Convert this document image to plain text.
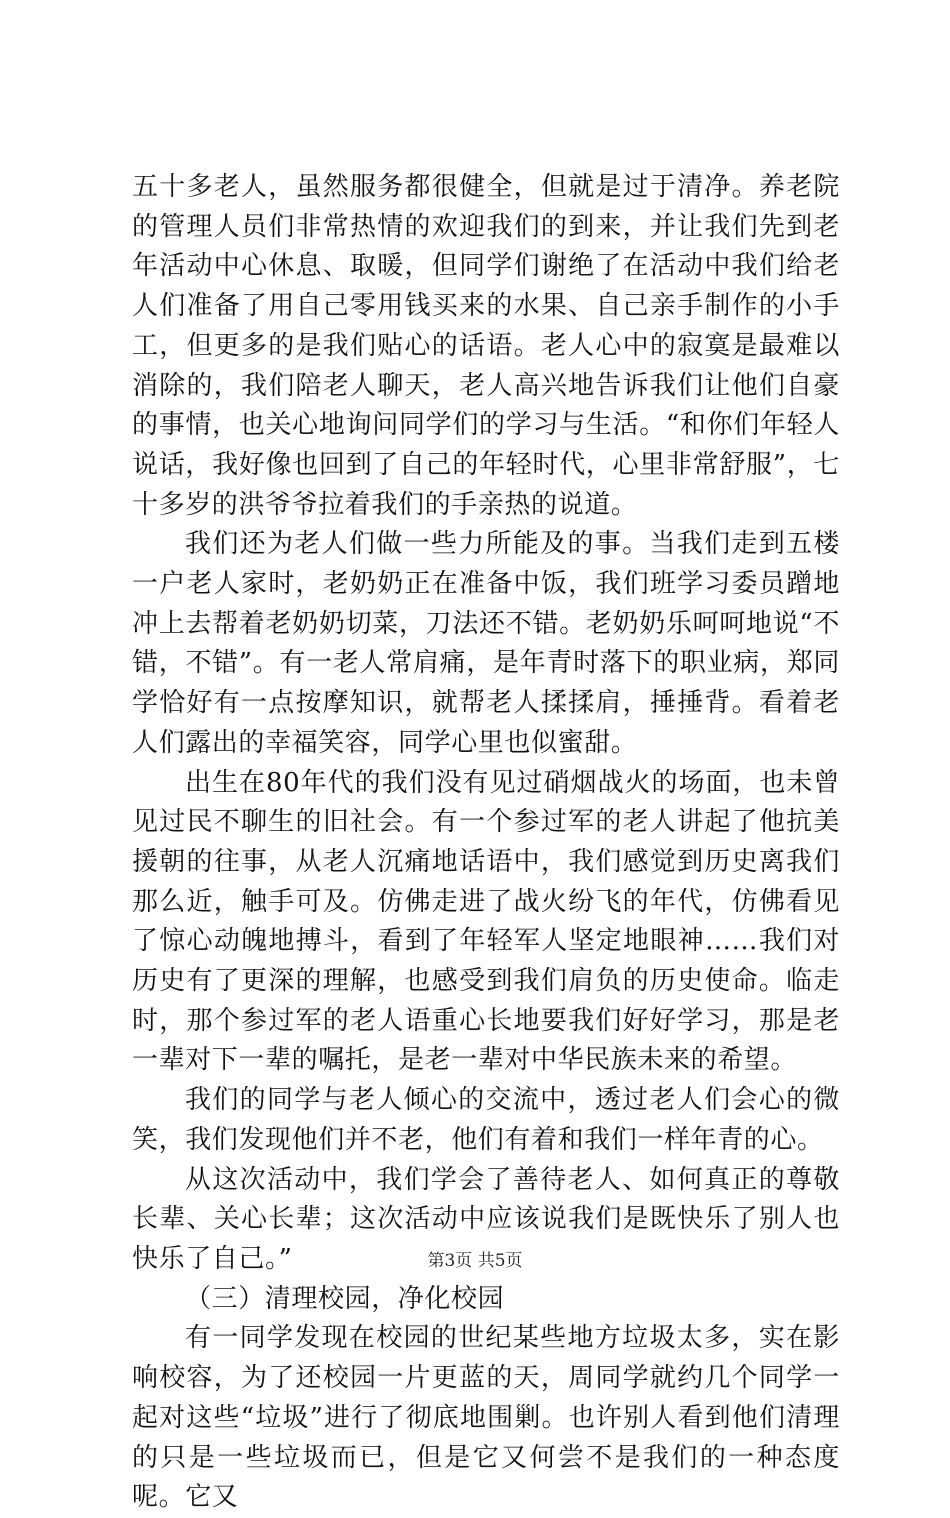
五十多老人，虽然服务都很健全，但就是过于清净。养老院的管理人员们非常热情的欢迎我们的到来，并让我们先到老年活动中心休息、取暖，但同学们谢绝了在活动中我们给老人们准备了用自己零用钱买来的水果、自己亲手制作的小手工，但更多的是我们贴心的话语。老人心中的寂寞是最难以消除的，我们陪老人聊天，老人高兴地告诉我们让他们自豪的事情，也关心地询问同学们的学习与生活。“和你们年轻人说话，我好像也回到了自己的年轻时代，心里非常舒服”，七十多岁的洪爷爷拉着我们的手亲热的说道。

我们还为老人们做一些力所能及的事。当我们走到五楼一户老人家时，老奶奶正在准备中饭，我们班学习委员蹭地冲上去帮着老奶奶切菜，刀法还不错。老奶奶乐呵呵地说“不错，不错”。有一老人常肩痛，是年青时落下的职业病，郑同学恰好有一点按摩知识，就帮老人揉揉肩，捶捶背。看着老人们露出的幸福笑容，同学心里也似蜜甜。

出生在80年代的我们没有见过硝烟战火的场面，也未曾见过民不聊生的旧社会。有一个参过军的老人讲起了他抗美援朝的往事，从老人沉痛地话语中，我们感觉到历史离我们那么近，触手可及。仿佛走进了战火纷飞的年代，仿佛看见了惊心动魄地搏斗，看到了年轻军人坚定地眼神……我们对历史有了更深的理解，也感受到我们肩负的历史使命。临走时，那个参过军的老人语重心长地要我们好好学习，那是老一辈对下一辈的嘱托，是老一辈对中华民族未来的希望。

我们的同学与老人倾心的交流中，透过老人们会心的微笑，我们发现他们并不老，他们有着和我们一样年青的心。

从这次活动中，我们学会了善待老人、如何真正的尊敬长辈、关心长辈；这次活动中应该说我们是既快乐了别人也快乐了自己。”

（三）清理校园，净化校园

有一同学发现在校园的世纪某些地方垃圾太多，实在影响校容，为了还校园一片更蓝的天，周同学就约几个同学一起对这些“垃圾”进行了彻底地围剿。也许别人看到他们清理的只是一些垃圾而已，但是它又何尝不是我们的一种态度呢。它又

第3页 共5页
